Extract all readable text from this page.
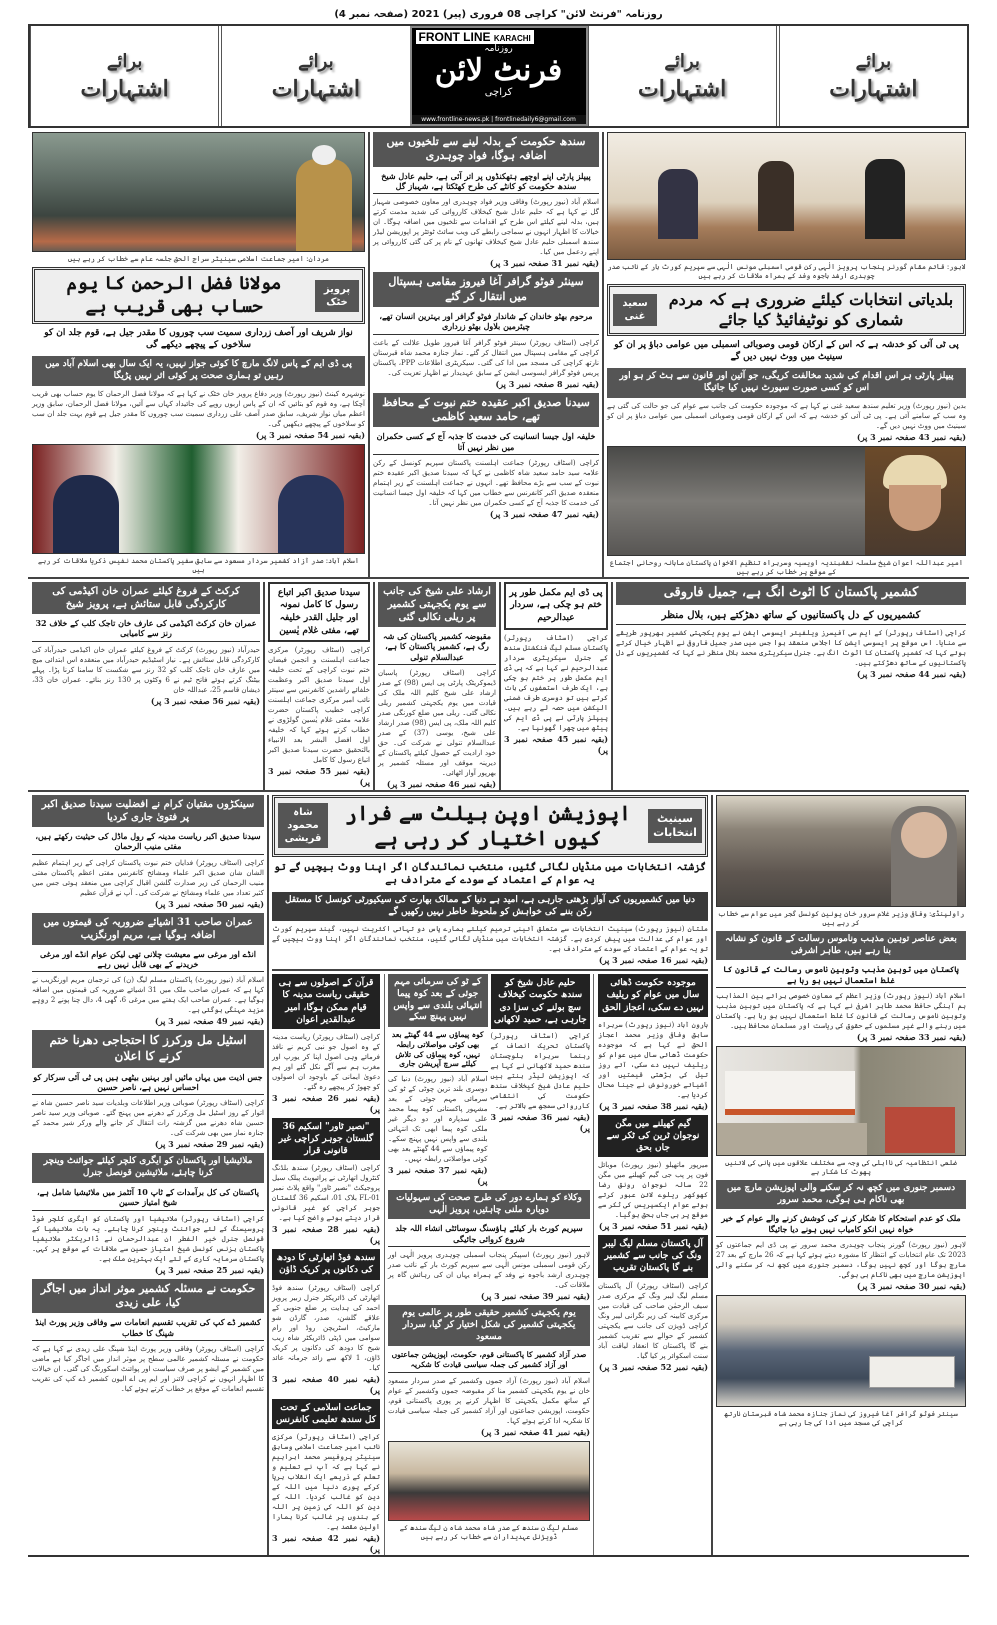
روزنامہ "فرنٹ لائن" کراچی 08 فروری (پیر) 2021 (صفحہ نمبر 4)
برائے
اشتہارات
برائے
اشتہارات
FRONT LINE KARACHI
روزنامہ
فرنٹ لائن
کراچی
www.frontline-news.pk | frontlinedaily6@gmail.com
برائے
اشتہارات
برائے
اشتہارات
لاہور: قائم مقام گورنر پنجاب پرویز الٰہی رکن قومی اسمبلی مونس الٰہی سے سپریم کورٹ بار کے نائب صدر چوہدری ارشد باجوہ وفد کے ہمراہ ملاقات کر رہے ہیں
بلدیاتی انتخابات کیلئے ضروری ہے کہ مردم شماری کو نوٹیفائیڈ کیا جائے
سعید غنی
پی ٹی آئی کو خدشہ ہے کہ اس کے ارکان قومی وصوبائی اسمبلی میں عوامی دباؤ پر ان کو سینیٹ میں ووٹ نہیں دیں گے
پیپلز پارٹی ہر اس اقدام کی شدید مخالفت کریگی، جو آئین اور قانون سے ہٹ کر ہو اور اس کو کسی صورت سپورٹ نہیں کیا جائیگا
بدین (نیوز رپورٹ) وزیر تعلیم سندھ سعید غنی نے کہا ہے کہ موجودہ حکومت کی جانب سے عوام کی جو حالت کی گئی ہے وہ سب کے سامنے آئی ہے۔ پی ٹی آئی کو خدشہ ہے کہ اس کے ارکان قومی وصوبائی اسمبلی میں عوامی دباؤ پر ان کو سینیٹ میں ووٹ نہیں دیں گے۔
(بقیہ نمبر 43 صفحہ نمبر 3 پر)
امیر عبداللہ اعوان شیخ سلسلہ نقشبندیہ اویسیہ وسربراہ تنظیم الاخوان پاکستان ماہانہ روحانی اجتماع کے موقع پر خطاب کر رہے ہیں
سندھ حکومت کے بدلہ لینے سے تلخیوں میں اضافہ ہوگا، فواد چوہدری
پیپلز پارٹی اپنے اوچھے ہتھکنڈوں پر اتر آئی ہے، حلیم عادل شیخ سندھ حکومت کو کانٹے کی طرح کھٹکتا ہے، شہباز گل
اسلام آباد (نیوز رپورٹ) وفاقی وزیر فواد چوہدری اور معاون خصوصی شہباز گل نے کہا ہے کہ حلیم عادل شیخ کیخلاف کارروائی کی شدید مذمت کرتے ہیں، بدلہ لینے کیلئے اس طرح کے اقدامات سے تلخیوں میں اضافہ ہوگا۔ ان خیالات کا اظہار انہوں نے سماجی رابطے کی ویب سائٹ ٹوئٹر پر اپوزیشن لیڈر سندھ اسمبلی حلیم عادل شیخ کیخلاف تھانوں کے نام پر کی گئی کارروائی پر اپنے ردعمل میں کیا۔
(بقیہ نمبر 31 صفحہ نمبر 3 پر)
سینئر فوٹو گرافر آغا فیروز مقامی ہسپتال میں انتقال کر گئے
مرحوم بھٹو خاندان کے شاندار فوٹو گرافر اور بہترین انسان تھے، چیئرمین بلاول بھٹو زرداری
کراچی (اسٹاف رپورٹر) سینئر فوٹو گرافر آغا فیروز طویل علالت کے باعث کراچی کے مقامی ہسپتال میں انتقال کر گئے۔ نماز جنازہ محمد شاہ قبرستان نارتھ کراچی کی مسجد میں ادا کی گئی۔ سیکریٹری اطلاعات PPP، پاکستان پریس فوٹو گرافر ایسوسی ایشن کے سابق عہدیدار نے اظہار تعزیت کی۔
(بقیہ نمبر 8 صفحہ نمبر 3 پر)
سیدنا صدیق اکبر عقیدہ ختم نبوت کے محافظ تھے، حامد سعید کاظمی
خلیفہ اول جیسا انسانیت کی خدمت کا جذبہ آج کے کسی حکمران میں نظر نہیں آتا
کراچی (اسٹاف رپورٹر) جماعت اہلسنت پاکستان سپریم کونسل کے رکن علامہ سید حامد سعید شاہ کاظمی نے کہا کہ سیدنا صدیق اکبر عقیدہ ختم نبوت کے سب سے بڑے محافظ تھے۔ انہوں نے جماعت اہلسنت کے زیر اہتمام منعقدہ صدیق اکبر کانفرنس سے خطاب میں کہا کہ خلیفہ اول جیسا انسانیت کی خدمت کا جذبہ آج کے کسی حکمران میں نظر نہیں آتا۔
(بقیہ نمبر 47 صفحہ نمبر 3 پر)
مردان: امیر جماعت اسلامی سینیٹر سراج الحق جلسہ عام سے خطاب کر رہے ہیں
پرویز خٹک
مولانا فضل الرحمن کا یوم حساب بھی قریب ہے
نواز شریف اور آصف زرداری سمیت سب چوروں کا مقدر جیل ہے، قوم جلد ان کو سلاخوں کے پیچھے دیکھے گی
پی ڈی ایم کے پاس لانگ مارچ کا کوئی جواز نہیں، یہ ایک سال بھی اسلام آباد میں رہیں تو ہماری صحت پر کوئی اثر نہیں پڑیگا
نوشہرہ کینٹ (نیوز رپورٹ) وزیر دفاع پرویز خان خٹک نے کہا ہے کہ مولانا فضل الرحمان کا یوم حساب بھی قریب آچکا ہے، وہ قوم کو بتائیں کہ ان کے پاس اربوں روپے کی جائیداد کہاں سے آئیں، مولانا فضل الرحمان، سابق وزیر اعظم میاں نواز شریف، سابق صدر آصف علی زرداری سمیت سب چوروں کا مقدر جیل ہے قوم بہت جلد ان سب کو سلاخوں کے پیچھے دیکھیں گی۔
(بقیہ نمبر 54 صفحہ نمبر 3 پر)
اسلام آباد: صدر آزاد کشمیر سردار مسعود سے سابق سفیر پاکستان محمد نفیس ذکریا ملاقات کر رہے ہیں
کشمیر پاکستان کا اٹوٹ انگ ہے، جمیل فاروقی
کشمیریوں کے دل پاکستانیوں کے ساتھ دھڑکتے ہیں، بلال منظر
کراچی (اسٹاف رپورٹر) کے ایم سی آفیسرز ویلفیئر ایسوسی ایشن نے یوم یکجہتی کشمیر بھرپور طریقے سے منایا۔ اس موقع پر ایسوسی ایشن کا اجلاس منعقد ہوا جس میں صدر جمیل فاروقی نے اظہار خیال کرتے ہوئے کہا کہ کشمیر پاکستان کا اٹوٹ انگ ہے۔ جنرل سیکریٹری محمد بلال منظر نے کہا کہ کشمیریوں کے دل پاکستانیوں کے ساتھ دھڑکتے ہیں۔
(بقیہ نمبر 44 صفحہ نمبر 3 پر)
پی ڈی ایم مکمل طور پر ختم ہو چکی ہے، سردار عبدالرحیم
کراچی (اسٹاف رپورٹر) پاکستان مسلم لیگ فنکشنل سندھ کے جنرل سیکریٹری سردار عبدالرحیم نے کہا ہے کہ پی ڈی ایم مکمل طور پر ختم ہو چکی ہے، ایک طرف استعفوں کی بات کرتے ہیں تو دوسری طرف ضمنی الیکشن میں حصہ لے رہے ہیں۔ پیپلز پارٹی نے پی ڈی ایم کی پیٹھ میں چھرا گھونپا ہے۔
(بقیہ نمبر 45 صفحہ نمبر 3 پر)
ارشاد علی شیخ کی جانب سے یوم یکجہتی کشمیر پر ریلی نکالی گئی
مقبوضہ کشمیر پاکستان کی شہ رگ ہے، کشمیر پاکستان کا ہے، عبدالسلام تنولی
کراچی (اسٹاف رپورٹر) پاسبان ڈیموکریٹک پارٹی پی ایس (98) کے صدر ارشاد علی شیخ کلیم اللہ ملک کی قیادت میں یوم یکجہتی کشمیر ریلی نکالی گئی۔ ریلی میں ضلع کورنگی صدر کلیم اللہ ملک، پی ایس (98) صدر ارشاد علی شیخ، یوسی (37) کے صدر عبدالسلام تنولی نے شرکت کی۔ حق خود ارادیت کے حصول کیلئے پاکستان کے دیرینہ موقف اور مسئلہ کشمیر پر بھرپور آواز اٹھائی۔
(بقیہ نمبر 46 صفحہ نمبر 3 پر)
سیدنا صدیق اکبر اتباع رسول کا کامل نمونہ اور جلیل القدر خلیفہ تھے، مفتی غلام یٰسین
کراچی (اسٹاف رپورٹر) مرکزی جماعت اہلسنت و انجمن فیضان ختم نبوت کراچی کے تحت خلیفہ اول سیدنا صدیق اکبر وعظمت خلفائے راشدین کانفرنس سے سینئر نائب امیر مرکزی جماعت اہلسنت کراچی خطیب پاکستان حضرت علامہ مفتی غلام یٰسین گولڑوی نے خطاب کرتے ہوئے کہا کہ خلیفہ اول افضل البشر بعد الانبیاء بالتحقیق حضرت سیدنا صدیق اکبر اتباع رسول کا کامل
(بقیہ نمبر 55 صفحہ نمبر 3 پر)
کرکٹ کے فروغ کیلئے عمران خان اکیڈمی کی کارکردگی قابل ستائش ہے، پرویز شیخ
عمران خان کرکٹ اکیڈمی کی عارف خان تاجک کلب کے خلاف 32 رنز سے کامیابی
حیدرآباد (نیوز رپورٹ) کرکٹ کے فروغ کیلئے عمران خان اکیڈمی حیدرآباد کی کارکردگی قابل ستائش ہے۔ نیاز اسٹیڈیم حیدرآباد میں منعقدہ اس ابتدائی میچ میں عارف خان تاجک کلب کو 32 رنز سے شکست کا سامنا کرنا پڑا۔ پہلے بیٹنگ کرتے ہوئے فاتح ٹیم نے 6 وکٹوں پر 130 رنز بنائے۔ عمران خان 33، ذیشان قاسم 25، عبداللہ خان
(بقیہ نمبر 56 صفحہ نمبر 3 پر)
راولپنڈی: وفاقی وزیر غلام سرور خان یونین کونسل گجر میں عوام سے خطاب کر رہے ہیں
بعض عناصر توہین مذہب وناموس رسالت کے قانون کو نشانہ بنا رہے ہیں، طاہر اشرفی
پاکستان میں توہین مذہب وتوہین ناموس رسالت کے قانون کا غلط استعمال نہیں ہو رہا ہے
اسلام آباد (نیوز رپورٹ) وزیر اعظم کے معاون خصوصی برائے بین المذاہب ہم آہنگی حافظ محمد طاہر اشرفی نے کہا ہے کہ پاکستان میں توہین مذہب وتوہین ناموس رسالت کے قانون کا غلط استعمال نہیں ہو رہا ہے۔ پاکستان میں رہنے والے غیر مسلموں کے حقوق کی ریاست اور مسلمان محافظ ہیں۔
(بقیہ نمبر 33 صفحہ نمبر 3 پر)
ضلعی انتظامیہ کی نااہلی کی وجہ سے مختلف علاقوں میں پانی کی لائنیں پھوٹ کا شکار ہے
دسمبر جنوری میں کچھ نہ کر سکنے والی اپوزیشن مارچ میں بھی ناکام ہی ہوگی، محمد سرور
ملک کو عدم استحکام کا شکار کرنے کی کوشش کرنے والے عوام کے خیر خواہ نہیں انکو کامیاب نہیں ہونے دیا جائیگا
لاہور (نیوز رپورٹ) گورنر پنجاب چوہدری محمد سرور نے پی ڈی ایم جماعتوں کو 2023 تک عام انتخابات کے انتظار کا مشورہ دیتے ہوئے کہا ہے کہ 26 مارچ کے بعد 27 مارچ ہوگا اور کچھ نہیں ہوگا، دسمبر جنوری میں کچھ نہ کر سکنے والی اپوزیشن مارچ میں بھی ناکام ہی ہوگی۔
(بقیہ نمبر 30 صفحہ نمبر 3 پر)
سینئر فوٹو گرافر آغا فیروز کی نماز جنازہ محمد شاہ قبرستان نارتھ کراچی کی مسجد میں ادا کی جا رہی ہے
سینیٹ انتخابات
اپوزیشن اوپن بیلٹ سے فرار کیوں اختیار کر رہی ہے
شاہ محمود قریشی
گزشتہ انتخابات میں منڈیاں لگائی گئیں، منتخب نمائندگان اگر اپنا ووٹ بیچیں گے تو یہ عوام کے اعتماد کے سودے کے مترادف ہے
دنیا میں کشمیریوں کی آواز بڑھتی جارہی ہے، امید ہے دنیا کے ممالک بھارت کی سیکیورٹی کونسل کا مستقل رکن بننے کی خواہش کو ملحوظ خاطر نہیں رکھیں گے
ملتان (نیوز رپورٹ) سینیٹ انتخابات سے متعلق آئینی ترمیم کیلئے ہمارے پاس دو تہائی اکثریت نہیں، گیند سپریم کورٹ اور عوام کی عدالت میں پیش کردی ہے۔ گزشتہ انتخابات میں منڈیاں لگائی گئیں، منتخب نمائندگان اگر اپنا ووٹ بیچیں گے تو یہ عوام کے اعتماد کے سودے کے مترادف ہے۔
(بقیہ نمبر 16 صفحہ نمبر 3 پر)
موجودہ حکومت ڈھائی سال میں عوام کو ریلیف نہیں دے سکی، اعجاز الحق
ہارون آباد (نیوز رپورٹ) سربراہ سابق وفاقی وزیر محمد اعجاز الحق نے کہا ہے کہ موجودہ حکومت ڈھائی سال میں عوام کو ریلیف نہیں دے سکی، آئے روز تیل کی بڑھتی قیمتیں اور آشیائے خورونوش نے جینا محال کردیا ہے۔
(بقیہ نمبر 38 صفحہ نمبر 3 پر)
گیم کھیلنے میں مگن نوجوان ٹرین کی ٹکر سے جاں بحق
میرپور ماتھیلو (نیوز رپورٹ) موبائل فون پر پب جی گیم کھیلنے میں مگن 22 سالہ نوجوان رونق رضا کھوکھر ریلوے لائن عبور کرتے ہوئے عوام ایکسپریس کی ٹکر سے موقع پر ہی جاں بحق ہوگیا۔
(بقیہ نمبر 51 صفحہ نمبر 3 پر)
آل پاکستان مسلم لیگ لیبر ونگ کی جانب سے کشمیر بنے گا پاکستان تقریب
کراچی (اسٹاف رپورٹر) آل پاکستان مسلم لیگ لیبر ونگ کے مرکزی صدر سیف الرحمٰن صاحب کی قیادت میں مرکزی کابینہ کی زیر نگرانی لیبر ونگ کراچی ڈویژن کی جانب سے یکجہتی کشمیر کے حوالے سے تقریب کشمیر بنے گا پاکستان کا انعقاد لیاقت آباد سنت اسکوائر پر کیا گیا۔
(بقیہ نمبر 52 صفحہ نمبر 3 پر)
حلیم عادل شیخ کو سندھ حکومت کیخلاف سچ بولنے کی سزا دی جارہی ہے، حمید لاکھانی
کراچی (اسٹاف رپورٹر) پاکستان تحریک انصاف کے رہنما سربراہ بلوچستان سندھ حمید لاکھانی نے کہا ہے کہ اپوزیشن لیڈر بنتے ہیں حلیم عادل شیخ کیخلاف سندھ حکومت کی انتقامی کارروائی سمجھ سے بالاتر ہے۔
(بقیہ نمبر 36 صفحہ نمبر 3 پر)
کے ٹو کی سرمائی مہم جوئی کے بعد کوہ پیما انتہائی بلندی سے واپس نہیں پہنچ سکے
کوہ پیماؤں سے 44 گھنٹے بعد بھی کوئی مواصلاتی رابطہ نہیں، کوہ پیماؤں کی تلاش کیلئے سرچ آپریشن جاری
اسلام آباد (نیوز رپورٹ) دنیا کی دوسری بلند ترین چوٹی کے ٹو کی سرمائی مہم جوئی کے بعد مشہور پاکستانی کوہ پیما محمد علی سدپارہ اور دو دیگر غیر ملکی کوہ پیما ابھی تک انتہائی بلندی سے واپس نہیں پہنچ سکے۔ کوہ پیماؤں سے 44 گھنٹے بعد بھی کوئی مواصلاتی رابطہ نہیں۔
(بقیہ نمبر 37 صفحہ نمبر 3 پر)
وکلاء کو ہمارے دور کی طرح صحت کی سہولیات دوبارہ ملنی چاہئیں، پرویز الٰہی
سپریم کورٹ بار کیلئے ہاؤسنگ سوسائٹی انشاء اللہ جلد شروع کروائی جائیگی
لاہور (نیوز رپورٹ) اسپیکر پنجاب اسمبلی چوہدری پرویز الٰہی اور رکن قومی اسمبلی مونس الٰہی سے سپریم کورٹ بار کے نائب صدر چوہدری ارشد باجوہ نے وفد کے ہمراہ یہاں ان کی رہائش گاہ پر ملاقات کی۔
(بقیہ نمبر 39 صفحہ نمبر 3 پر)
یوم یکجہتی کشمیر حقیقی طور پر عالمی یوم یکجہتی کشمیر کی شکل اختیار کر گیا، سردار مسعود
صدر آزاد کشمیر کا پاکستانی قوم، حکومت، اپوزیشن جماعتوں اور آزاد کشمیر کی جملہ سیاسی قیادت کا شکریہ
اسلام آباد (نیوز رپورٹ) آزاد جموں وکشمیر کے صدر سردار مسعود خان نے یوم یکجہتی کشمیر منا کر مقبوضہ جموں وکشمیر کے عوام کے ساتھ مکمل یکجہتی کا اظہار کرنے پر پوری پاکستانی قوم، حکومت، اپوزیشن جماعتوں اور آزاد کشمیر کی جملہ سیاسی قیادت کا شکریہ ادا کرتے ہوئے کہا۔
(بقیہ نمبر 41 صفحہ نمبر 3 پر)
مسلم لیگ ن سندھ کے صدر شاہ محمد شاہ ن لیگ سندھ کے ڈویژنل عہدیداران سے خطاب کر رہے ہیں
قرآن کے اصولوں سے ہی حقیقی ریاست مدینہ کا قیام ممکن ہوگا، امیر عبدالقدیر اعوان
کراچی (اسٹاف رپورٹر) ریاست مدینہ کے وہ اصول جو نبی کریم نے نافذ فرمائے وہی اصول اپنا کر یورپ اور مغرب ہم سے آگے نکل گئے اور ہم دعویٰ ایمانی کے باوجود ان اصولوں کو چھوڑ کر پیچھے رہ گئے۔
(بقیہ نمبر 26 صفحہ نمبر 3 پر)
"نصیر ٹاور" اسکیم 36 گلستان جوہر کراچی غیر قانونی قرار
کراچی (اسٹاف رپورٹر) سندھ بلڈنگ کنٹرول اتھارٹی نے پرائیویٹ پبلک سیل پروجیکٹ "نصیر ٹاور" واقع پلاٹ نمبر FL-01 بلاک 01، اسکیم 36 گلستان جوہر کراچی کو غیر قانونی قرار دیتے ہوئے واضح کیا ہے۔
(بقیہ نمبر 28 صفحہ نمبر 3 پر)
سندھ فوڈ اتھارٹی کا دودھ کی دکانوں پر کریک ڈاؤن
کراچی (اسٹاف رپورٹر) سندھ فوڈ اتھارٹی کی ڈائریکٹر جنرل زبیر پرویز احمد کی ہدایت پر ضلع جنوبی کے علاقے گلشن، صدر، گارڈن شو مارکیٹ، اسٹریچن روڈ اور رام سوامی میں ڈپٹی ڈائریکٹر شاہ زیب شیخ کا دودھ کی دکانوں پر کریک ڈاؤن، 1 لاکھ سے زائد جرمانہ عائد کیا۔
(بقیہ نمبر 40 صفحہ نمبر 3 پر)
جماعت اسلامی کے تحت کل سندھ تعلیمی کانفرنس
کراچی (اسٹاف رپورٹر) مرکزی نائب امیر جماعت اسلامی وسابق سینیٹر پروفیسر محمد ابراہیم نے کہا ہے کہ آپ نے تعلیم و تعلم کے ذریعے ایک انقلاب برپا کرکے پوری دنیا میں اللہ کے دین کو غالب کردیا۔ اللہ کے دین کو اللہ کی زمین پر اللہ کے بندوں پر غالب کرنا ہمارا اولین مقصد ہے۔
(بقیہ نمبر 42 صفحہ نمبر 3 پر)
سینکڑوں مفتیان کرام نے افضلیت سیدنا صدیق اکبر پر فتویٰ جاری کردیا
سیدنا صدیق اکبر ریاست مدینہ کے رول ماڈل کی حیثیت رکھتے ہیں، مفتی منیب الرحمان
کراچی (اسٹاف رپورٹر) فدایان ختم نبوت پاکستان کراچی کے زیر اہتمام عظیم الشان شان صدیق اکبر علماء ومشائخ کانفرنس مفتی اعظم پاکستان مفتی منیب الرحمان کی زیر صدارت گلشن اقبال کراچی میں منعقد ہوئی جس میں کثیر تعداد میں علماء ومشائخ نے شرکت کی۔ آپ نے قرآن عظیم
(بقیہ نمبر 50 صفحہ نمبر 3 پر)
عمران صاحب 31 اشیائے ضروریہ کی قیمتوں میں اضافہ ہوگیا ہے، مریم اورنگزیب
انڈے اور مرغی سے معیشت چلانی تھی لیکن عوام انڈے اور مرغی خریدنے کے بھی قابل نہیں رہے
اسلام آباد (نیوز رپورٹ) پاکستان مسلم لیگ (ن) کی ترجمان مریم اورنگزیب نے کہا ہے کہ عمران صاحب ملک میں 31 اشیائے ضروریہ کی قیمتوں میں اضافہ ہوگیا ہے۔ عمران صاحب ایک ہفتے میں مرغی 6، گھی 4، دال چنا پونے 2 روپے مزید مہنگی ہوگئی ہے۔
(بقیہ نمبر 49 صفحہ نمبر 3 پر)
اسٹیل مل ورکرز کا احتجاجی دھرنا ختم کرنے کا اعلان
جس اذیت میں یہاں مائیں اور بہنیں بیٹھی ہیں پی ٹی آئی سرکار کو احساس نہیں ہے، ناصر حسین
کراچی (اسٹاف رپورٹر) صوبائی وزیر اطلاعات وبلدیات سید ناصر حسین شاہ نے اتوار کے روز اسٹیل مل ورکرز کے دھرنے میں پہنچ گئے۔ صوبائی وزیر سید ناصر حسین شاہ دھرنے میں گزشتہ رات انتقال کر جانے والے ورکر شیر محمد کے جنازہ نماز میں بھی شرکت کی۔
(بقیہ نمبر 29 صفحہ نمبر 3 پر)
ملائیشیا اور پاکستان کو ایگری کلچر کیلئے جوائنٹ وینچر کرنا چاہئے، ملائیشین قونصل جنرل
پاکستان کی کل برآمدات کے ٹاپ 10 آئٹمز میں ملائیشیا شامل ہے، شیخ امتیاز حسین
کراچی (اسٹاف رپورٹر) ملائیشیا اور پاکستان کو ایگری کلچر فوڈ پروسیسنگ کے لئے جوائنٹ وینچر کرنا چاہئے۔ یہ بات ملائیشیا کے قونصل جنرل خیر الفطر ان عبدالرحمان نے ڈائریکٹر ملائیشیا پاکستان بزنس کونسل شیخ امتیاز حسین سے ملاقات کے موقع پر کہی۔ پاکستان سرمایہ کاری کے لئے ایک بہترین ملک ہے۔
(بقیہ نمبر 25 صفحہ نمبر 3 پر)
حکومت نے مسئلہ کشمیر موثر انداز میں اجاگر کیا، علی زیدی
کشمیر ڈے کپ کی تقریب تقسیم انعامات سے وفاقی وزیر پورٹ اینڈ شپنگ کا خطاب
کراچی (اسٹاف رپورٹر) وفاقی وزیر پورٹ اینڈ شپنگ علی زیدی نے کہا ہے کہ حکومت نے مسئلہ کشمیر عالمی سطح پر موثر انداز میں اجاگر کیا ہے ماضی میں کشمیر کے ایشو پر صرف سیاست اور پوائنٹ اسکورنگ کی گئی۔ ان خیالات کا اظہار انہوں نے کراچی لائنز اور ایم پی اے الیون کشمیر ڈے کپ کی تقریب تقسیم انعامات کے موقع پر خطاب کرتے ہوئے کیا۔
